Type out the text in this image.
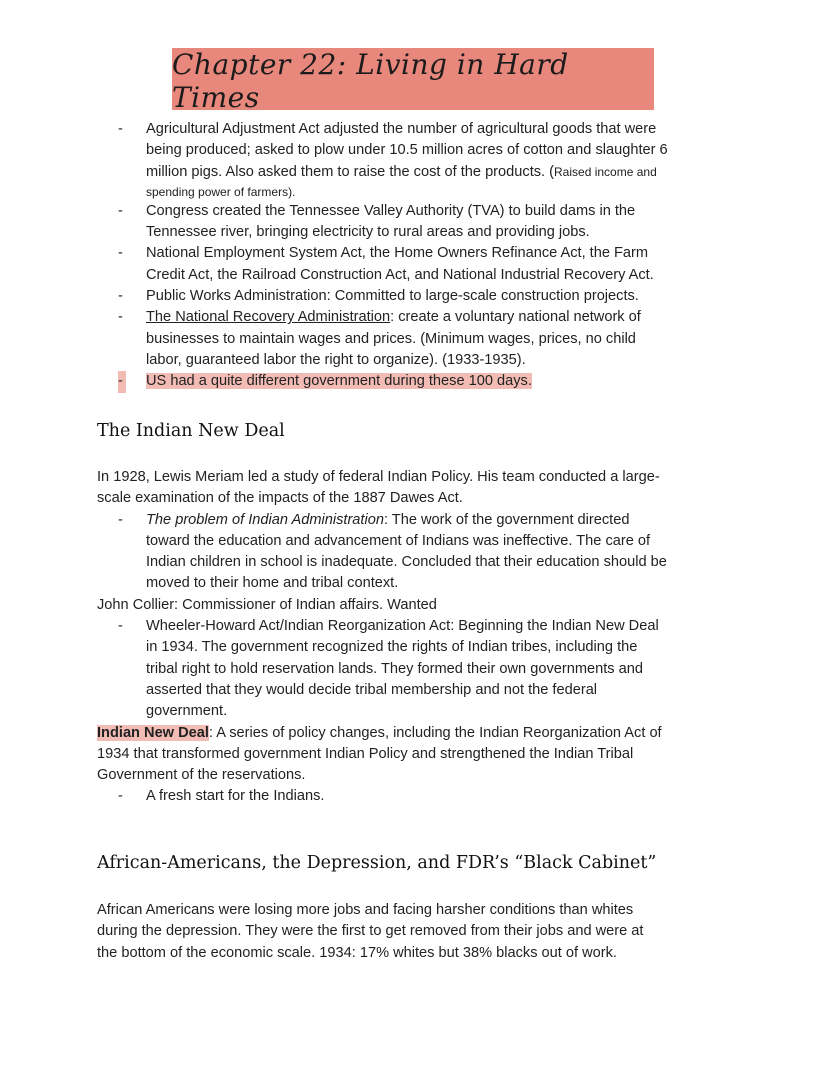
Chapter 22: Living in Hard Times
- Agricultural Adjustment Act adjusted the number of agricultural goods that were
being produced; asked to plow under 10.5 million acres of cotton and slaughter 6
million pigs. Also asked them to raise the cost of the products. (Raised income and
spending power of farmers).
- Congress created the Tennessee Valley Authority (TVA) to build dams in the
Tennessee river, bringing electricity to rural areas and providing jobs.
- National Employment System Act, the Home Owners Refinance Act, the Farm
Credit Act, the Railroad Construction Act, and National Industrial Recovery Act.
- Public Works Administration: Committed to large-scale construction projects.
- The National Recovery Administration: create a voluntary national network of
businesses to maintain wages and prices. (Minimum wages, prices, no child
labor, guaranteed labor the right to organize). (1933-1935).
- US had a quite different government during these 100 days.
The Indian New Deal
In 1928, Lewis Meriam led a study of federal Indian Policy. His team conducted a large-
scale examination of the impacts of the 1887 Dawes Act.
- The problem of Indian Administration: The work of the government directed
toward the education and advancement of Indians was ineffective. The care of
Indian children in school is inadequate. Concluded that their education should be
moved to their home and tribal context.
John Collier: Commissioner of Indian affairs. Wanted
- Wheeler-Howard Act/Indian Reorganization Act: Beginning the Indian New Deal
in 1934. The government recognized the rights of Indian tribes, including the
tribal right to hold reservation lands. They formed their own governments and
asserted that they would decide tribal membership and not the federal
government.
Indian New Deal: A series of policy changes, including the Indian Reorganization Act of
1934 that transformed government Indian Policy and strengthened the Indian Tribal
Government of the reservations.
- A fresh start for the Indians.
African-Americans, the Depression, and FDR’s “Black Cabinet”
African Americans were losing more jobs and facing harsher conditions than whites
during the depression. They were the first to get removed from their jobs and were at
the bottom of the economic scale. 1934: 17% whites but 38% blacks out of work.
